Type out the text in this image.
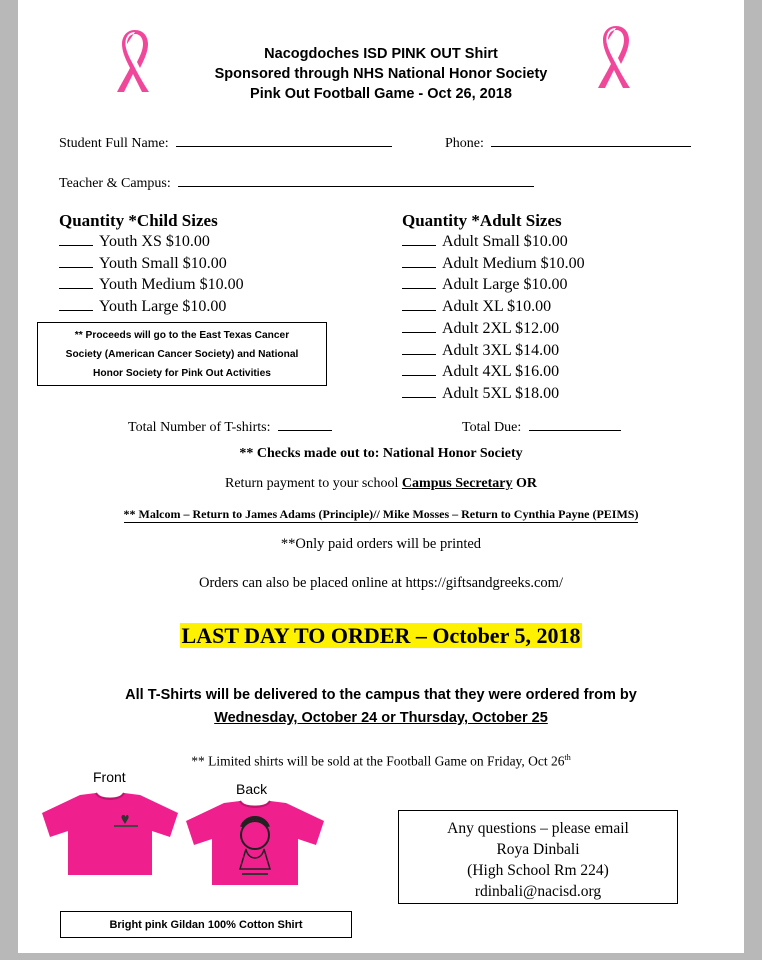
Nacogdoches ISD PINK OUT Shirt
Sponsored through NHS National Honor Society
Pink Out Football Game - Oct 26, 2018
Student Full Name:	Phone:
Teacher & Campus:
Quantity *Child Sizes
Youth XS $10.00
Youth Small $10.00
Youth Medium $10.00
Youth Large $10.00
** Proceeds will go to the East Texas Cancer
Society (American Cancer Society) and National
Honor Society for Pink Out Activities
Quantity *Adult Sizes
Adult Small $10.00
Adult Medium $10.00
Adult Large $10.00
Adult XL $10.00
Adult 2XL $12.00
Adult 3XL $14.00
Adult 4XL $16.00
Adult 5XL $18.00
Total Number of T-shirts:	Total Due:
** Checks made out to: National Honor Society
Return payment to your school Campus Secretary OR
** Malcom – Return to James Adams (Principle)// Mike Mosses – Return to Cynthia Payne (PEIMS)
**Only paid orders will be printed
Orders can also be placed online at https://giftsandgreeks.com/
LAST DAY TO ORDER – October 5, 2018
All T-Shirts will be delivered to the campus that they were ordered from by
Wednesday, October 24 or Thursday, October 25
** Limited shirts will be sold at the Football Game on Friday, Oct 26th
Front
Back
Bright pink Gildan 100% Cotton Shirt
Any questions – please email
Roya Dinbali
(High School Rm 224)
rdinbali@nacisd.org
